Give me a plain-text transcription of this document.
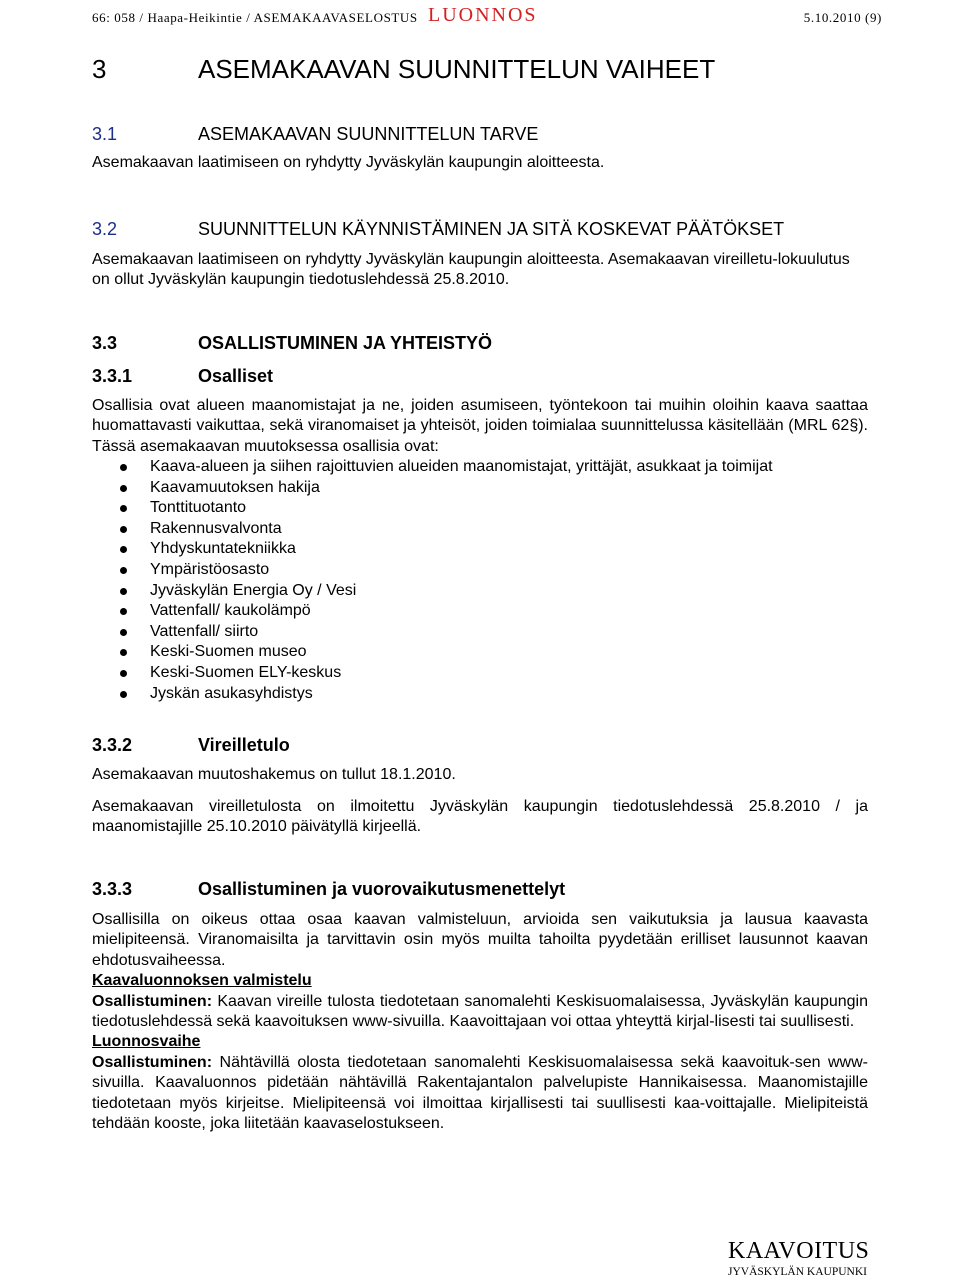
66: 058 / Haapa-Heikintie / ASEMAKAAVASELOSTUS LUONNOS	5.10.2010 (9)
3	ASEMAKAAVAN SUUNNITTELUN VAIHEET
3.1	ASEMAKAAVAN SUUNNITTELUN TARVE

Asemakaavan laatimiseen on ryhdytty Jyväskylän kaupungin aloitteesta.

3.2	SUUNNITTELUN KÄYNNISTÄMINEN JA SITÄ KOSKEVAT PÄÄTÖKSET

Asemakaavan laatimiseen on ryhdytty Jyväskylän kaupungin aloitteesta. Asemakaavan vireilletu-lokuulutus on ollut Jyväskylän kaupungin tiedotuslehdessä 25.8.2010.

3.3	OSALLISTUMINEN JA YHTEISTYÖ
3.3.1	Osalliset

Osallisia ovat alueen maanomistajat ja ne, joiden asumiseen, työntekoon tai muihin oloihin kaava saattaa huomattavasti vaikuttaa, sekä viranomaiset ja yhteisöt, joiden toimialaa suunnittelussa käsitellään (MRL 62§). Tässä asemakaavan muutoksessa osallisia ovat:

Kaava-alueen ja siihen rajoittuvien alueiden maanomistajat, yrittäjät, asukkaat ja toimijat
Kaavamuutoksen hakija
Tonttituotanto
Rakennusvalvonta
Yhdyskuntatekniikka
Ympäristöosasto
Jyväskylän Energia Oy / Vesi
Vattenfall/ kaukolämpö
Vattenfall/ siirto
Keski-Suomen museo
Keski-Suomen ELY-keskus
Jyskän asukasyhdistys
3.3.2	Vireilletulo

Asemakaavan muutoshakemus on tullut 18.1.2010.

Asemakaavan vireilletulosta on ilmoitettu Jyväskylän kaupungin tiedotuslehdessä 25.8.2010 / ja maanomistajille 25.10.2010 päivätyllä kirjeellä.

3.3.3	Osallistuminen ja vuorovaikutusmenettelyt
Osallisilla on oikeus ottaa osaa kaavan valmisteluun, arvioida sen vaikutuksia ja lausua kaavasta mielipiteensä. Viranomaisilta ja tarvittavin osin myös muilta tahoilta pyydetään erilliset lausunnot kaavan ehdotusvaiheessa.
Kaavaluonnoksen valmistelu
Osallistuminen: Kaavan vireille tulosta tiedotetaan sanomalehti Keskisuomalaisessa, Jyväskylän kaupungin tiedotuslehdessä sekä kaavoituksen www-sivuilla. Kaavoittajaan voi ottaa yhteyttä kirjal-lisesti tai suullisesti.
Luonnosvaihe
Osallistuminen: Nähtävillä olosta tiedotetaan sanomalehti Keskisuomalaisessa sekä kaavoituk-sen www-sivuilla. Kaavaluonnos pidetään nähtävillä Rakentajantalon palvelupiste Hannikaisessa. Maanomistajille tiedotetaan myös kirjeitse. Mielipiteensä voi ilmoittaa kirjallisesti tai suullisesti kaa-voittajalle. Mielipiteistä tehdään kooste, joka liitetään kaavaselostukseen.
KAAVOITUS
JYVÄSKYLÄN KAUPUNKI
